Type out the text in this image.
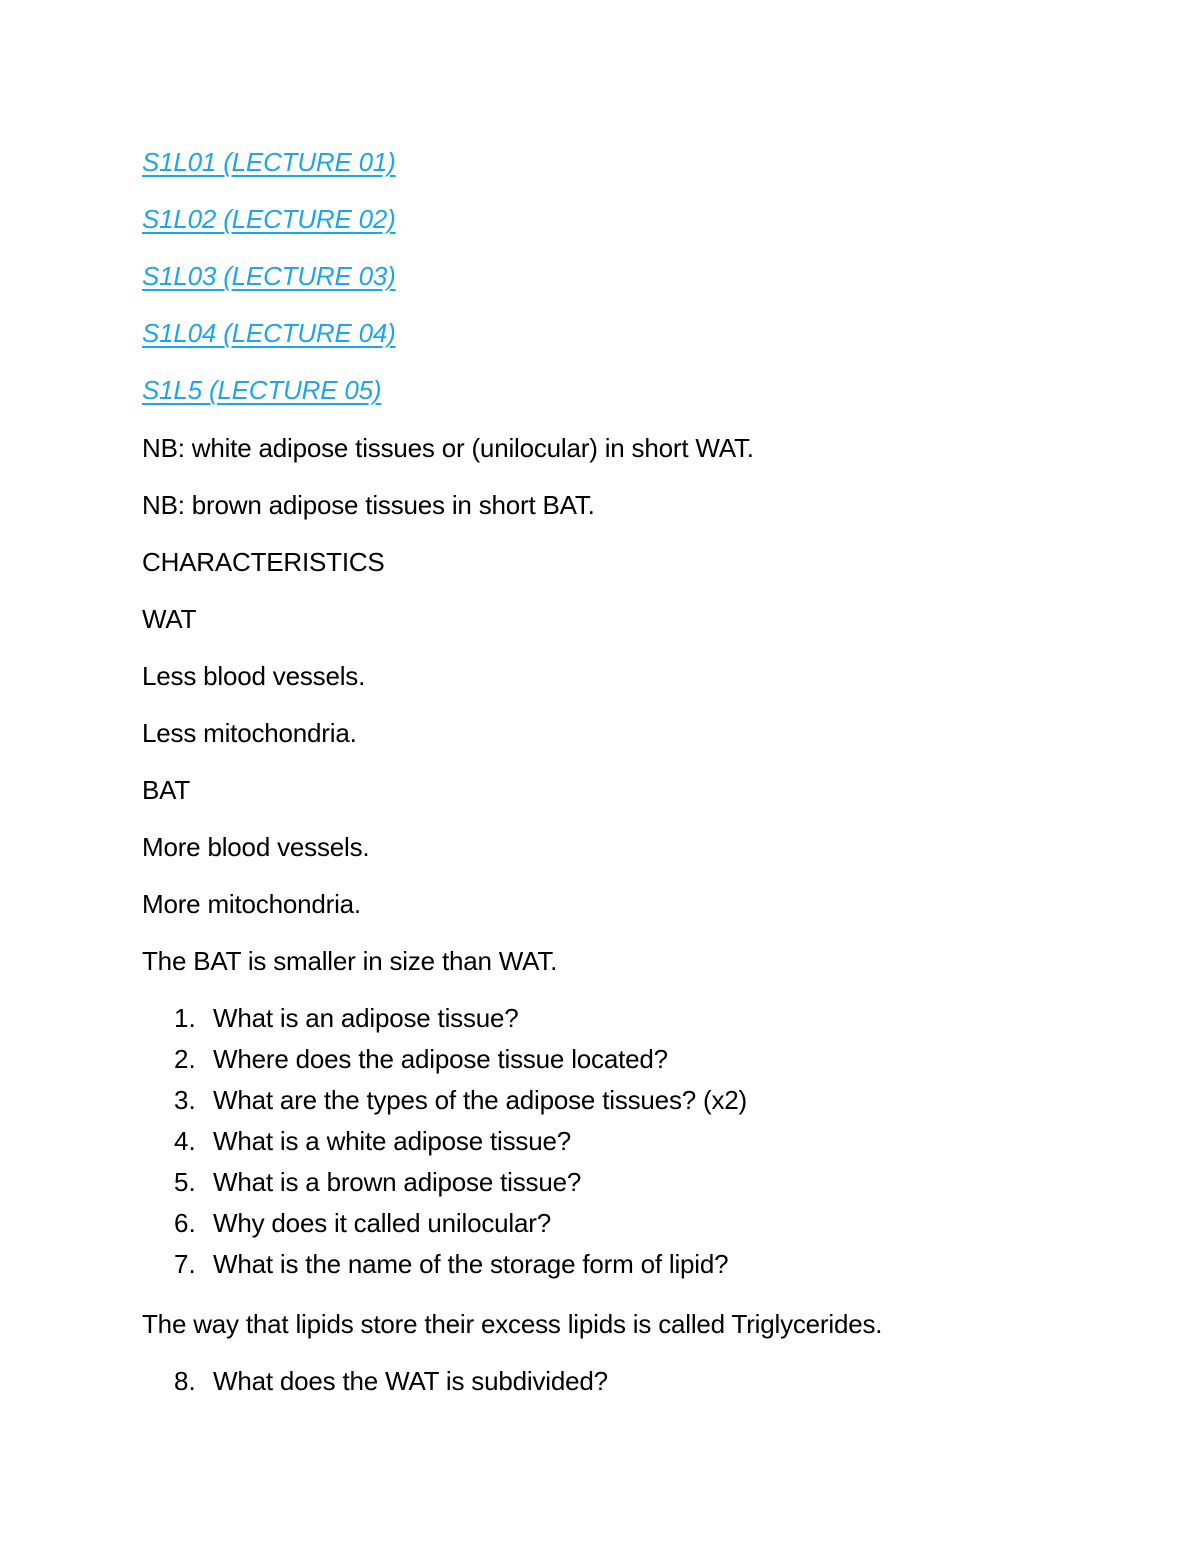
S1L01 (LECTURE 01)
S1L02 (LECTURE 02)
S1L03 (LECTURE 03)
S1L04 (LECTURE 04)
S1L5 (LECTURE 05)
NB: white adipose tissues or (unilocular) in short WAT.
NB: brown adipose tissues in short BAT.
CHARACTERISTICS
WAT
Less blood vessels.
Less mitochondria.
BAT
More blood vessels.
More mitochondria.
The BAT is smaller in size than WAT.
1. What is an adipose tissue?
2. Where does the adipose tissue located?
3. What are the types of the adipose tissues? (x2)
4. What is a white adipose tissue?
5. What is a brown adipose tissue?
6. Why does it called unilocular?
7. What is the name of the storage form of lipid?
The way that lipids store their excess lipids is called Triglycerides.
8. What does the WAT is subdivided?
